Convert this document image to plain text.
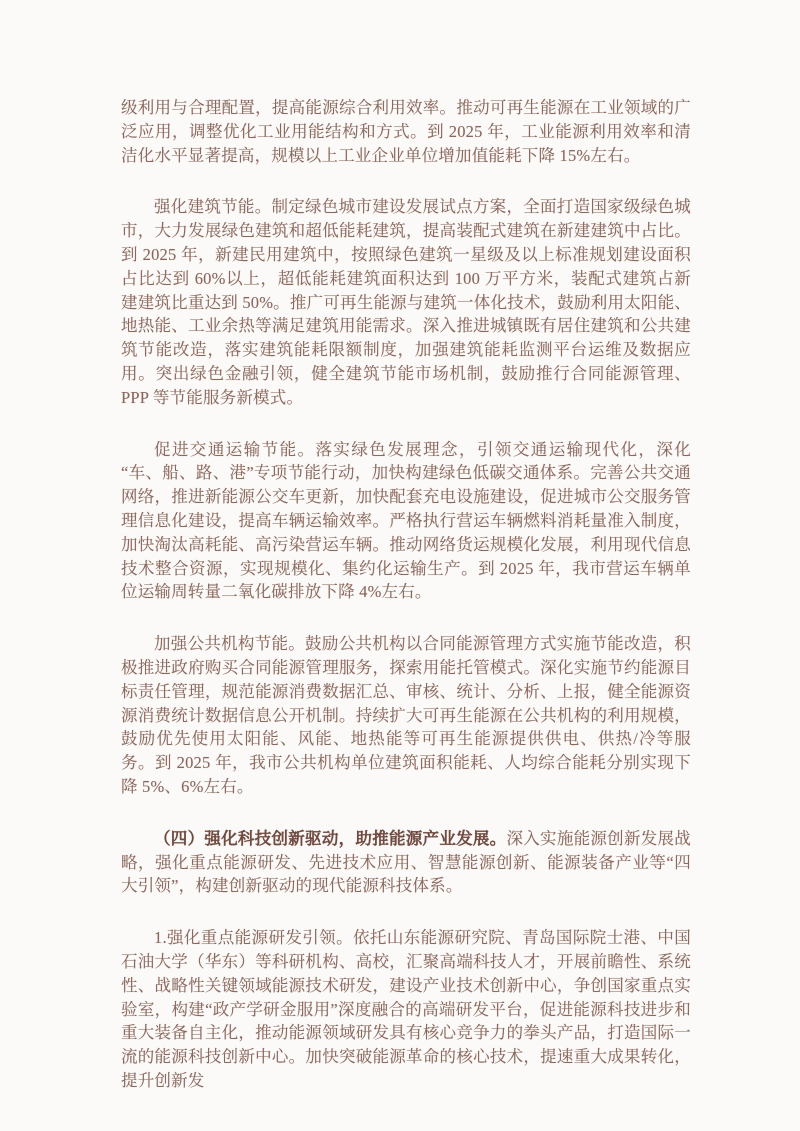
级利用与合理配置，提高能源综合利用效率。推动可再生能源在工业领域的广泛应用，调整优化工业用能结构和方式。到 2025 年，工业能源利用效率和清洁化水平显著提高，规模以上工业企业单位增加值能耗下降 15%左右。

强化建筑节能。制定绿色城市建设发展试点方案，全面打造国家级绿色城市，大力发展绿色建筑和超低能耗建筑，提高装配式建筑在新建建筑中占比。到 2025 年，新建民用建筑中，按照绿色建筑一星级及以上标准规划建设面积占比达到 60%以上，超低能耗建筑面积达到 100 万平方米，装配式建筑占新建建筑比重达到 50%。推广可再生能源与建筑一体化技术，鼓励利用太阳能、地热能、工业余热等满足建筑用能需求。深入推进城镇既有居住建筑和公共建筑节能改造，落实建筑能耗限额制度，加强建筑能耗监测平台运维及数据应用。突出绿色金融引领，健全建筑节能市场机制，鼓励推行合同能源管理、PPP 等节能服务新模式。

促进交通运输节能。落实绿色发展理念，引领交通运输现代化，深化“车、船、路、港”专项节能行动，加快构建绿色低碳交通体系。完善公共交通网络，推进新能源公交车更新，加快配套充电设施建设，促进城市公交服务管理信息化建设，提高车辆运输效率。严格执行营运车辆燃料消耗量准入制度，加快淘汰高耗能、高污染营运车辆。推动网络货运规模化发展，利用现代信息技术整合资源，实现规模化、集约化运输生产。到 2025 年，我市营运车辆单位运输周转量二氧化碳排放下降 4%左右。

加强公共机构节能。鼓励公共机构以合同能源管理方式实施节能改造，积极推进政府购买合同能源管理服务，探索用能托管模式。深化实施节约能源目标责任管理，规范能源消费数据汇总、审核、统计、分析、上报，健全能源资源消费统计数据信息公开机制。持续扩大可再生能源在公共机构的利用规模，鼓励优先使用太阳能、风能、地热能等可再生能源提供供电、供热/冷等服务。到 2025 年，我市公共机构单位建筑面积能耗、人均综合能耗分别实现下降 5%、6%左右。

（四）强化科技创新驱动，助推能源产业发展。深入实施能源创新发展战略，强化重点能源研发、先进技术应用、智慧能源创新、能源装备产业等“四大引领”，构建创新驱动的现代能源科技体系。

1.强化重点能源研发引领。依托山东能源研究院、青岛国际院士港、中国石油大学（华东）等科研机构、高校，汇聚高端科技人才，开展前瞻性、系统性、战略性关键领域能源技术研发，建设产业技术创新中心，争创国家重点实验室，构建“政产学研金服用”深度融合的高端研发平台，促进能源科技进步和重大装备自主化，推动能源领域研发具有核心竞争力的拳头产品，打造国际一流的能源科技创新中心。加快突破能源革命的核心技术，提速重大成果转化，提升创新发
